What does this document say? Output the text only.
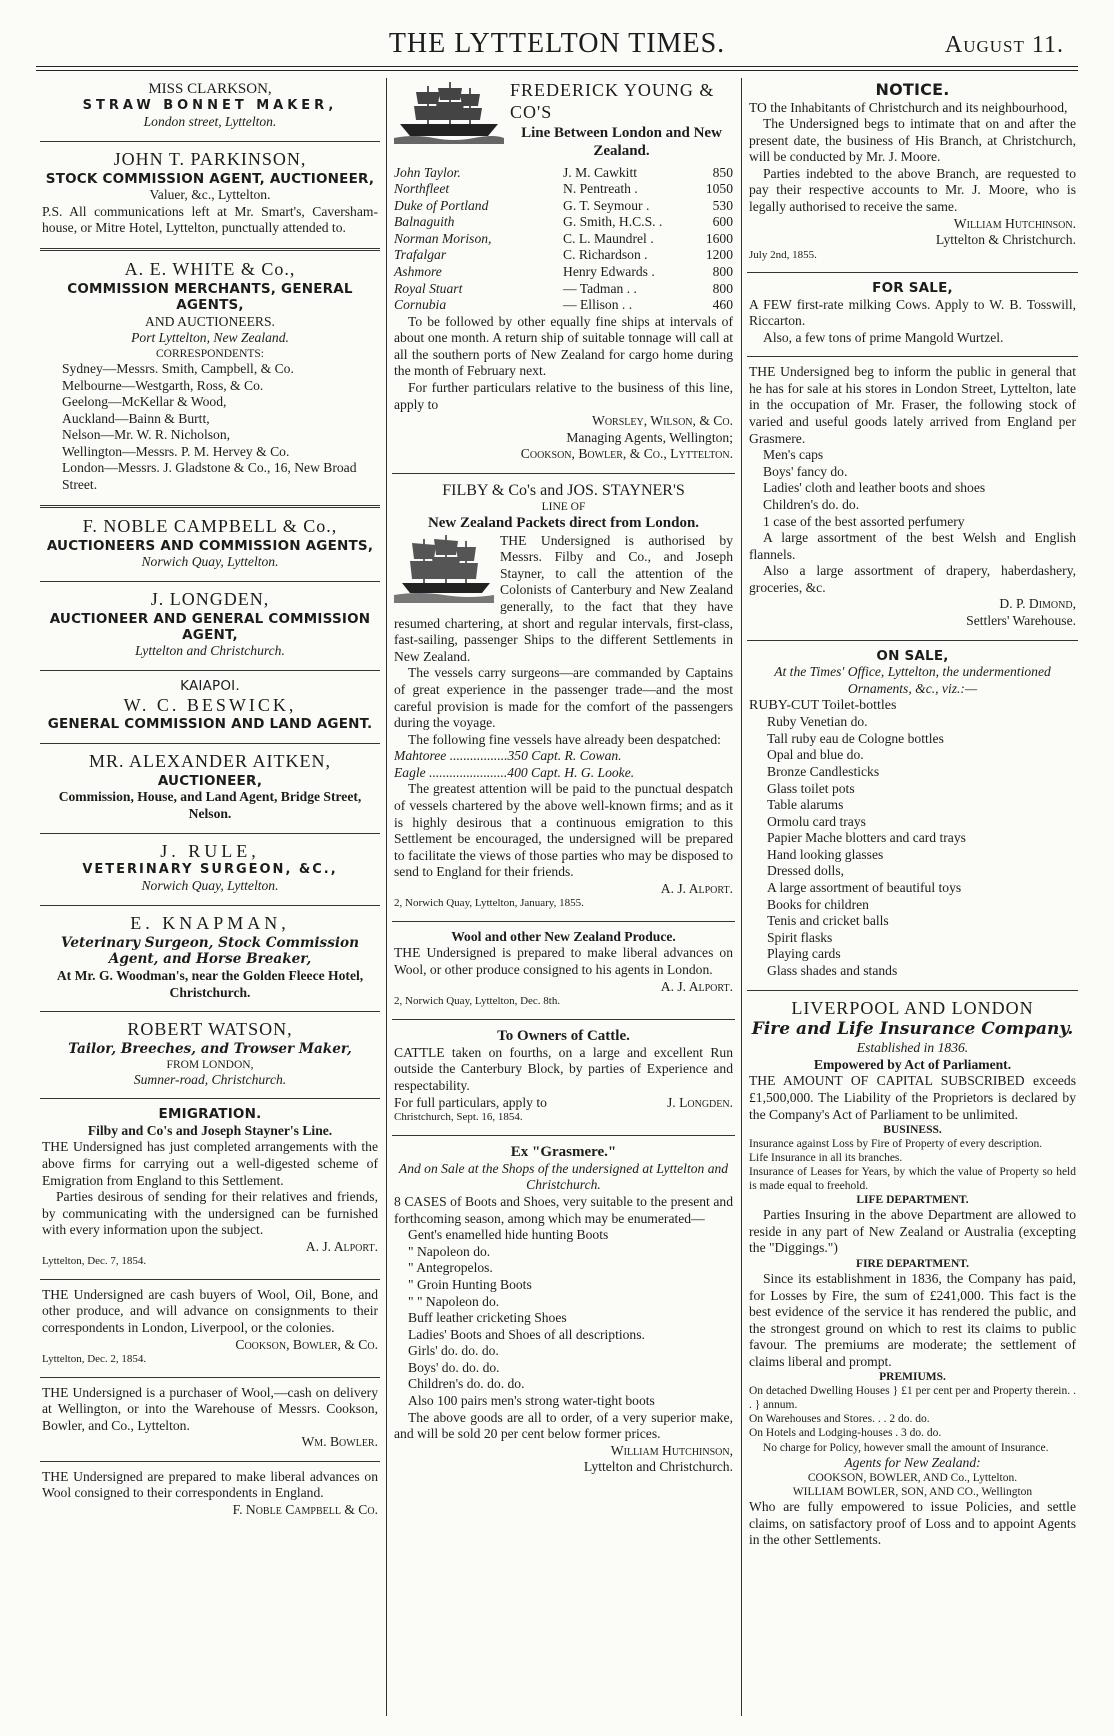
THE LYTTELTON TIMES.	August 11.
MISS CLARKSON,
STRAW BONNET MAKER,
London street, Lyttelton.
JOHN T. PARKINSON,
STOCK COMMISSION AGENT, AUCTIONEER,
Valuer, &c., Lyttelton.

P.S. All communications left at Mr. Smart's, Caversham-house, or Mitre Hotel, Lyttelton, punctually attended to.

A. E. WHITE & Co.,
COMMISSION MERCHANTS, GENERAL AGENTS,
AND AUCTIONEERS.
Port Lyttelton, New Zealand.
CORRESPONDENTS:
Sydney—Messrs. Smith, Campbell, & Co.
Melbourne—Westgarth, Ross, & Co.
Geelong—McKellar & Wood,
Auckland—Bainn & Burtt,
Nelson—Mr. W. R. Nicholson,
Wellington—Messrs. P. M. Hervey & Co.
London—Messrs. J. Gladstone & Co., 16, New Broad Street.
F. NOBLE CAMPBELL & Co.,
AUCTIONEERS AND COMMISSION AGENTS,
Norwich Quay, Lyttelton.
J. LONGDEN,
AUCTIONEER AND GENERAL COMMISSION AGENT,
Lyttelton and Christchurch.
KAIAPOI.
W. C. BESWICK,
GENERAL COMMISSION AND LAND AGENT.
MR. ALEXANDER AITKEN,
AUCTIONEER,
Commission, House, and Land Agent, Bridge Street, Nelson.
J. RULE,
VETERINARY SURGEON, &C.,
Norwich Quay, Lyttelton.
E. KNAPMAN,
Veterinary Surgeon, Stock Commission Agent, and Horse Breaker,
At Mr. G. Woodman's, near the Golden Fleece Hotel, Christchurch.
ROBERT WATSON,
Tailor, Breeches, and Trowser Maker,
FROM LONDON,
Sumner-road, Christchurch.
EMIGRATION.
Filby and Co's and Joseph Stayner's Line.

THE Undersigned has just completed arrangements with the above firms for carrying out a well-digested scheme of Emigration from England to this Settlement.

Parties desirous of sending for their relatives and friends, by communicating with the undersigned can be furnished with every information upon the subject.

A. J. Alport.
Lyttelton, Dec. 7, 1854.

THE Undersigned are cash buyers of Wool, Oil, Bone, and other produce, and will advance on consignments to their correspondents in London, Liverpool, or the colonies.

Cookson, Bowler, & Co.
Lyttelton, Dec. 2, 1854.

THE Undersigned is a purchaser of Wool,—cash on delivery at Wellington, or into the Warehouse of Messrs. Cookson, Bowler, and Co., Lyttelton.

Wm. Bowler.

THE Undersigned are prepared to make liberal advances on Wool consigned to their correspondents in England.

F. Noble Campbell & Co.
FREDERICK YOUNG & CO'S
Line Between London and New Zealand.
John Taylor.	J. M. Cawkitt	850
Northfleet	N. Pentreath .	1050
Duke of Portland	G. T. Seymour .	530
Balnaguith	G. Smith, H.C.S. .	600
Norman Morison,	C. L. Maundrel .	1600
Trafalgar	C. Richardson .	1200
Ashmore	Henry Edwards .	800
Royal Stuart	— Tadman . .	800
Cornubia	— Ellison . .	460

To be followed by other equally fine ships at intervals of about one month. A return ship of suitable tonnage will call at all the southern ports of New Zealand for cargo home during the month of February next.

For further particulars relative to the business of this line, apply to

Worsley, Wilson, & Co.
Managing Agents, Wellington;
Cookson, Bowler, & Co., Lyttelton.
FILBY & Co's and JOS. STAYNER'S
LINE OF
New Zealand Packets direct from London.

THE Undersigned is authorised by Messrs. Filby and Co., and Joseph Stayner, to call the attention of the Colonists of Canterbury and New Zealand generally, to the fact that they have resumed chartering, at short and regular intervals, first-class, fast-sailing, passenger Ships to the different Settlements in New Zealand.

The vessels carry surgeons—are commanded by Captains of great experience in the passenger trade—and the most careful provision is made for the comfort of the passengers during the voyage.

The following fine vessels have already been despatched:

Mahtoree .................350 Capt. R. Cowan.
Eagle .......................400 Capt. H. G. Looke.

The greatest attention will be paid to the punctual despatch of vessels chartered by the above well-known firms; and as it is highly desirous that a continuous emigration to this Settlement be encouraged, the undersigned will be prepared to facilitate the views of those parties who may be disposed to send to England for their friends.

A. J. Alport.
2, Norwich Quay, Lyttelton, January, 1855.
Wool and other New Zealand Produce.

THE Undersigned is prepared to make liberal advances on Wool, or other produce consigned to his agents in London.

A. J. Alport.
2, Norwich Quay, Lyttelton, Dec. 8th.
To Owners of Cattle.

CATTLE taken on fourths, on a large and excellent Run outside the Canterbury Block, by parties of Experience and respectability.

For full particulars, apply to	J. Longden.
Christchurch, Sept. 16, 1854.
Ex "Grasmere."
And on Sale at the Shops of the undersigned at Lyttelton and Christchurch.

8 CASES of Boots and Shoes, very suitable to the present and forthcoming season, among which may be enumerated—

Gent's enamelled hide hunting Boots
" Napoleon do.
" Antegropelos.
" Groin Hunting Boots
" " Napoleon do.
Buff leather cricketing Shoes
Ladies' Boots and Shoes of all descriptions.
Girls' do. do. do.
Boys' do. do. do.
Children's do. do. do.
Also 100 pairs men's strong water-tight boots

The above goods are all to order, of a very superior make, and will be sold 20 per cent below former prices.

William Hutchinson,
Lyttelton and Christchurch.
NOTICE.

TO the Inhabitants of Christchurch and its neighbourhood,

The Undersigned begs to intimate that on and after the present date, the business of His Branch, at Christchurch, will be conducted by Mr. J. Moore.

Parties indebted to the above Branch, are requested to pay their respective accounts to Mr. J. Moore, who is legally authorised to receive the same.

William Hutchinson.
Lyttelton & Christchurch.
July 2nd, 1855.
FOR SALE,

A FEW first-rate milking Cows. Apply to W. B. Tosswill, Riccarton.

Also, a few tons of prime Mangold Wurtzel.

THE Undersigned beg to inform the public in general that he has for sale at his stores in London Street, Lyttelton, late in the occupation of Mr. Fraser, the following stock of varied and useful goods lately arrived from England per Grasmere.

Men's caps
Boys' fancy do.
Ladies' cloth and leather boots and shoes
Children's do. do.
1 case of the best assorted perfumery

A large assortment of the best Welsh and English flannels.

Also a large assortment of drapery, haberdashery, groceries, &c.

D. P. Dimond,
Settlers' Warehouse.
ON SALE,
At the Times' Office, Lyttelton, the undermentioned Ornaments, &c., viz.:—
RUBY-CUT Toilet-bottles
Ruby Venetian do.
Tall ruby eau de Cologne bottles
Opal and blue do.
Bronze Candlesticks
Glass toilet pots
Table alarums
Ormolu card trays
Papier Mache blotters and card trays
Hand looking glasses
Dressed dolls,
A large assortment of beautiful toys
Books for children
Tenis and cricket balls
Spirit flasks
Playing cards
Glass shades and stands
LIVERPOOL AND LONDON
Fire and Life Insurance Company.
Established in 1836.
Empowered by Act of Parliament.

THE AMOUNT OF CAPITAL SUBSCRIBED exceeds £1,500,000. The Liability of the Proprietors is declared by the Company's Act of Parliament to be unlimited.

BUSINESS.

Insurance against Loss by Fire of Property of every description.

Life Insurance in all its branches.

Insurance of Leases for Years, by which the value of Property so held is made equal to freehold.

LIFE DEPARTMENT.

Parties Insuring in the above Department are allowed to reside in any part of New Zealand or Australia (excepting the "Diggings.")

FIRE DEPARTMENT.

Since its establishment in 1836, the Company has paid, for Losses by Fire, the sum of £241,000. This fact is the best evidence of the service it has rendered the public, and the strongest ground on which to rest its claims to public favour. The premiums are moderate; the settlement of claims liberal and prompt.

PREMIUMS.

On detached Dwelling Houses } £1 per cent per and Property therein. . . } annum.

On Warehouses and Stores. . . 2 do. do.

On Hotels and Lodging-houses . 3 do. do.

No charge for Policy, however small the amount of Insurance.

Agents for New Zealand:
COOKSON, BOWLER, AND Co., Lyttelton.
WILLIAM BOWLER, SON, AND CO., Wellington

Who are fully empowered to issue Policies, and settle claims, on satisfactory proof of Loss and to appoint Agents in the other Settlements.
